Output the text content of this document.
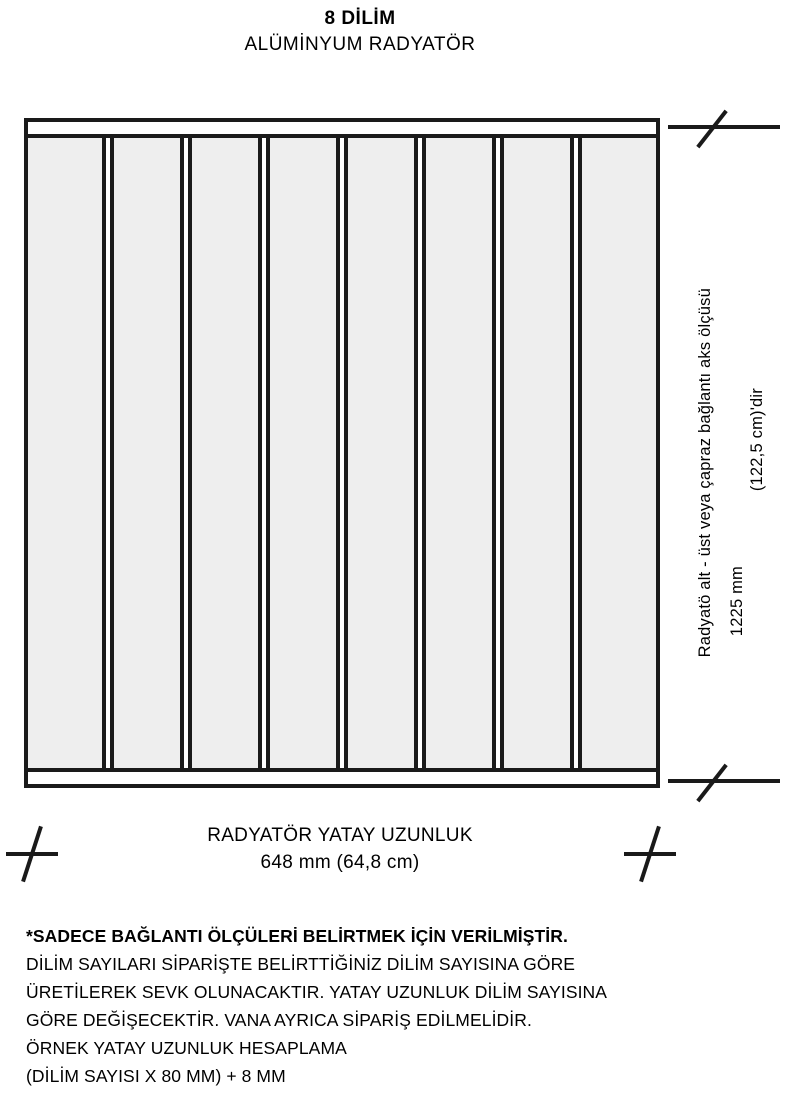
8 DİLİM
ALÜMİNYUM RADYATÖR
Radyatö alt - üst veya çapraz bağlantı aks ölçüsü 1225 mm
(122,5 cm)'dir
RADYATÖR YATAY UZUNLUK
648 mm (64,8 cm)
*SADECE BAĞLANTI ÖLÇÜLERİ BELİRTMEK İÇİN VERİLMİŞTİR.
DİLİM SAYILARI SİPARİŞTE BELİRTTİĞİNİZ DİLİM SAYISINA GÖRE
ÜRETİLEREK SEVK OLUNACAKTIR. YATAY UZUNLUK DİLİM SAYISINA
GÖRE DEĞİŞECEKTİR. VANA AYRICA SİPARİŞ EDİLMELİDİR.
ÖRNEK YATAY UZUNLUK HESAPLAMA
(DİLİM SAYISI X 80 MM) + 8 MM
